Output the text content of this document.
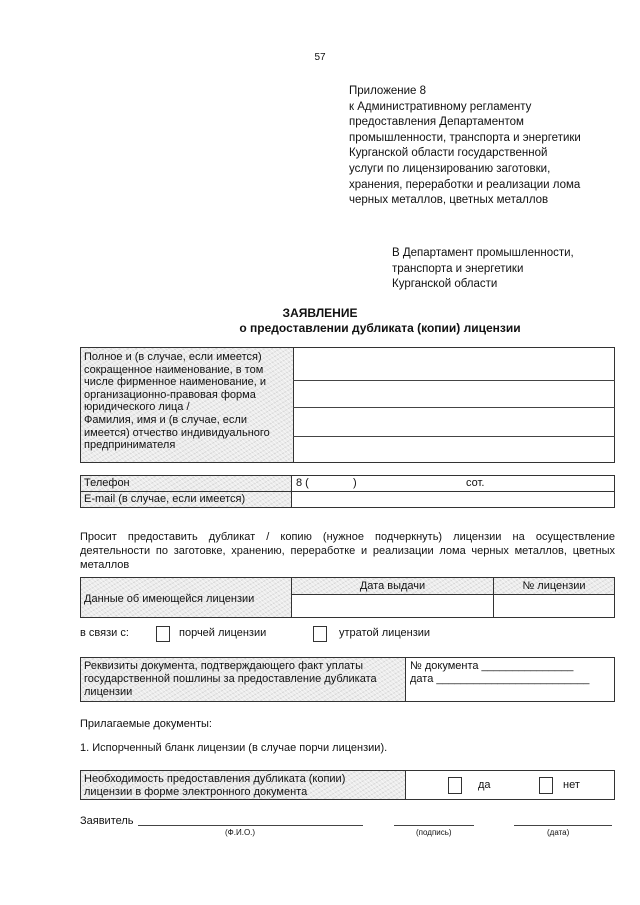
57
Приложение 8
к Административному регламенту
предоставления Департаментом
промышленности, транспорта и энергетики
Курганской области государственной
услуги по лицензированию заготовки,
хранения, переработки и реализации лома
черных металлов, цветных металлов
В Департамент промышленности,
транспорта и энергетики
Курганской области
ЗАЯВЛЕНИЕ
о предоставлении дубликата (копии) лицензии
Полное и (в случае, если имеется)
сокращенное наименование, в том
числе фирменное наименование, и
организационно-правовая форма
юридического лица /
Фамилия, имя и (в случае, если
имеется) отчество индивидуального
предпринимателя
Телефон	8 (	)	сот.
E-mail (в случае, если имеется)
Просит предоставить дубликат / копию (нужное подчеркнуть) лицензии на осуществление деятельности по заготовке, хранению, переработке и реализации лома черных металлов, цветных металлов
Данные об имеющейся лицензии
Дата выдачи	№ лицензии
в связи с:	порчей лицензии	утратой лицензии
Реквизиты документа, подтверждающего факт уплаты
государственной пошлины за предоставление дубликата
лицензии
№ документа _______________
дата _________________________
Прилагаемые документы:
1. Испорченный бланк лицензии (в случае порчи лицензии).
Необходимость предоставления дубликата (копии)
лицензии в форме электронного документа
да	нет
Заявитель
(Ф.И.О.)	(подпись)	(дата)
